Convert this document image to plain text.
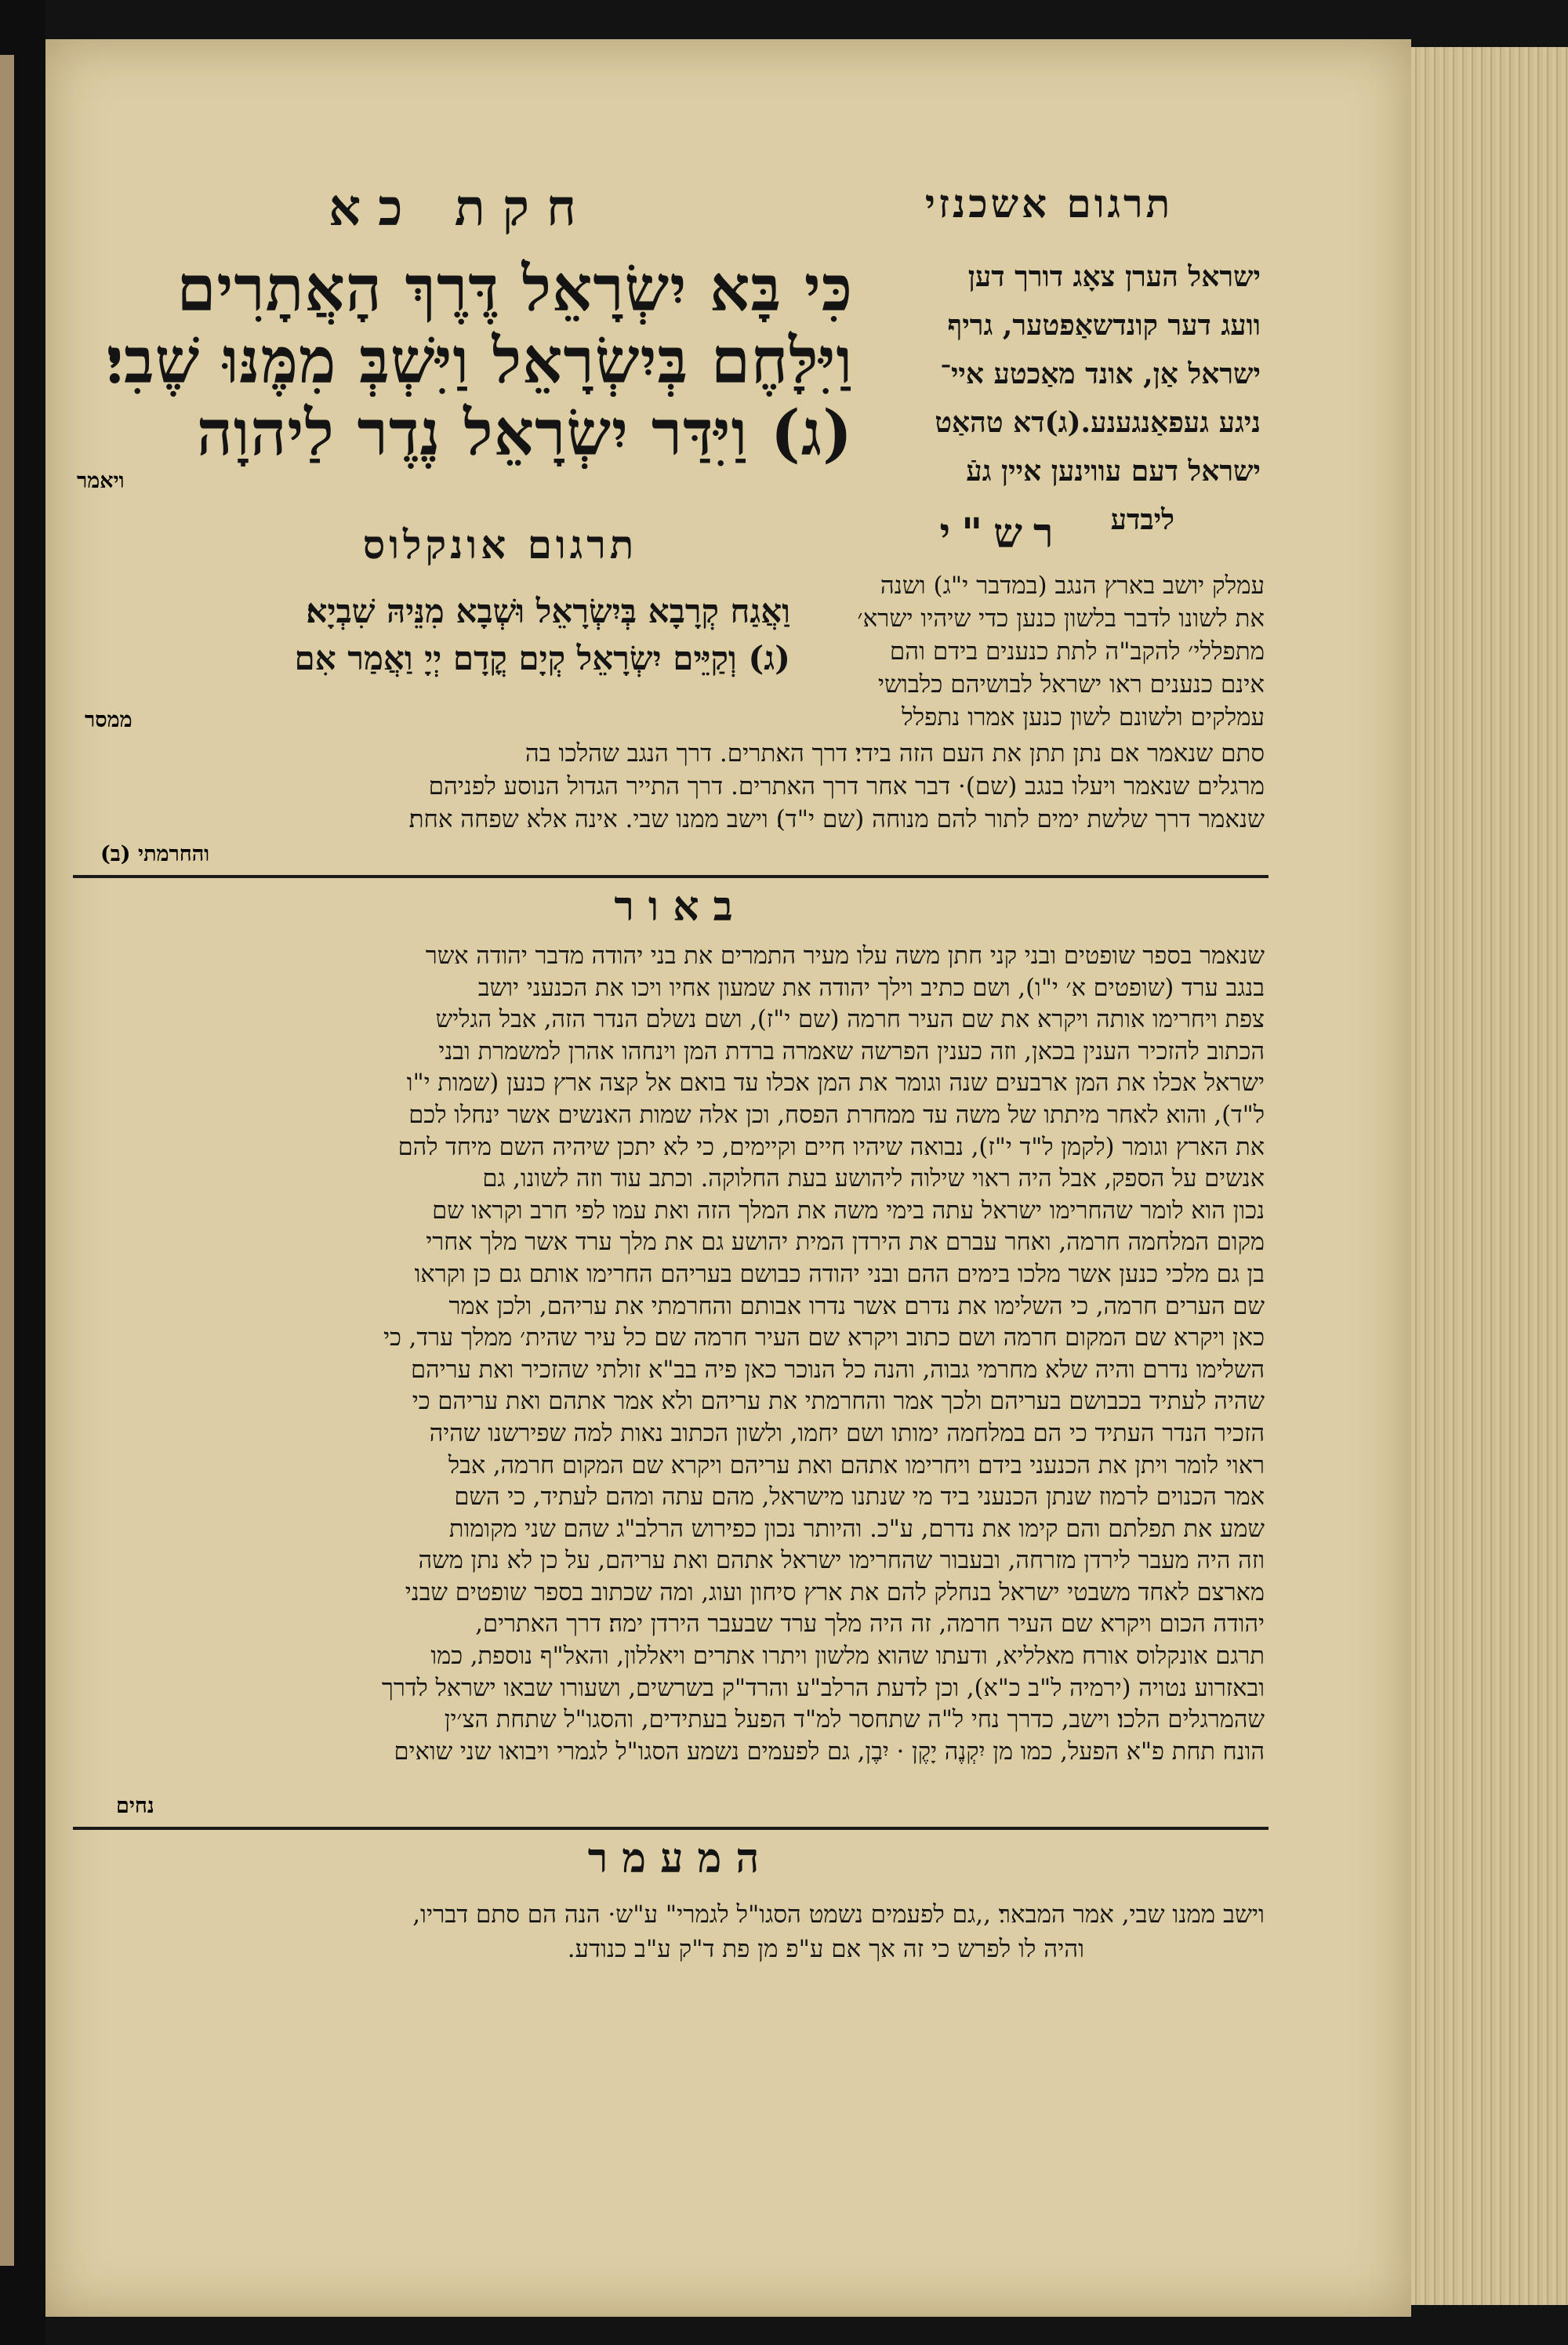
חקת כא	תרגום אשכנזי
כִּי בָּא יִשְׂרָאֵל דֶּרֶךְ הָאֲתָרִים
וַיִּלָּחֶם בְּיִשְׂרָאֵל וַיִּשְׁבְּ מִמֶּנּוּ שֶׁבִי׃
(ג) וַיִּדַּר יִשְׂרָאֵל נֶדֶר לַיהוָה
ויאמר
ישראל הערן צאָג דורך דען
וועג דער קונדשאַפטער, גריף
ישראל אַן, אונד מאַכטע איי־
ניגע געפאַנגענע.(ג)דא טהאַט
ישראל דעם עווינען איין געֿ
ליבדע
תרגום אונקלוס
וַאֲגַח קְרָבָא בְּיִשְׂרָאֵל וּשְׁבָא מִנֵּיהּ שִׁבְיָא׃
(ג) וְקַיֵּים יִשְׂרָאֵל קְיָם קֳדָם יְיָ וַאֲמַר אִם
ממסר
רש"י
עמלק יושב בארץ הנגב (במדבר י"ג) ושנה
את לשונו לדבר בלשון כנען כדי שיהיו ישרא׳
מתפללי׳ להקב"ה לתת כנענים בידם והם
אינם כנענים ראו ישראל לבושיהם כלבושי
עמלקים ולשונם לשון כנען אמרו נתפלל
סתם שנאמר אם נתן תתן את העם הזה בידי׃ דרך האתרים. דרך הנגב שהלכו בה
מרגלים שנאמר ויעלו בנגב (שם)· דבר אחר דרך האתרים. דרך התייר הגדול הנוסע לפניהם
שנאמר דרך שלשת ימים לתור להם מנוחה (שם י"ד)׃ וישב ממנו שבי. אינה אלא שפחה אחת׃
(ב) והחרמתי
באור
שנאמר בספר שופטים ובני קני חתן משה עלו מעיר התמרים את בני יהודה מדבר יהודה אשר
בנגב ערד (שופטים א׳ י"ו), ושם כתיב וילך יהודה את שמעון אחיו ויכו את הכנעני יושב
צפת ויחרימו אותה ויקרא את שם העיר חרמה (שם י"ז), ושם נשלם הנדר הזה, אבל הגליש
הכתוב להזכיר הענין בכאן, וזה כענין הפרשה שאמרה ברדת המן וינחהו אהרן למשמרת ובני
ישראל אכלו את המן ארבעים שנה וגומר את המן אכלו עד בואם אל קצה ארץ כנען (שמות י"ו
ל"ד), והוא לאחר מיתתו של משה עד ממחרת הפסח, וכן אלה שמות האנשים אשר ינחלו לכם
את הארץ וגומר (לקמן ל"ד י"ז), נבואה שיהיו חיים וקיימים, כי לא יתכן שיהיה השם מיחד להם
אנשים על הספק, אבל היה ראוי שילוה ליהושע בעת החלוקה. וכתב עוד וזה לשונו, גם
נכון הוא לומר שהחרימו ישראל עתה בימי משה את המלך הזה ואת עמו לפי חרב וקראו שם
מקום המלחמה חרמה, ואחר עברם את הירדן המית יהושע גם את מלך ערד אשר מלך אחרי
בן גם מלכי כנען אשר מלכו בימים ההם ובני יהודה כבושם בעריהם החרימו אותם גם כן וקראו
שם הערים חרמה, כי השלימו את נדרם אשר נדרו אבותם והחרמתי את עריהם, ולכן אמר
כאן ויקרא שם המקום חרמה ושם כתוב ויקרא שם העיר חרמה שם כל עיר שהית׳ ממלך ערד, כי
השלימו נדרם והיה שלא מחרמי גבוה, והנה כל הנוכר כאן פיה בב"א זולתי שהזכיר ואת עריהם
שהיה לעתיד בכבושם בעריהם ולכך אמר והחרמתי את עריהם ולא אמר אתהם ואת עריהם כי
הזכיר הנדר העתיד כי הם במלחמה ימותו ושם יחמו, ולשון הכתוב נאות למה שפירשנו שהיה
ראוי לומר ויתן את הכנעני בידם ויחרימו אתהם ואת עריהם ויקרא שם המקום חרמה, אבל
אמר הכנוים לרמוז שנתן הכנעני ביד מי שנתנו מישראל, מהם עתה ומהם לעתיד, כי השם
שמע את תפלתם והם קימו את נדרם, ע"כ. והיותר נכון כפירוש הרלב"ג שהם שני מקומות
וזה היה מעבר לירדן מזרחה, ובעבור שהחרימו ישראל אתהם ואת עריהם, על כן לא נתן משה
מארצם לאחד משבטי ישראל בנחלק להם את ארץ סיחון ועוג, ומה שכתוב בספר שופטים שבני
יהודה הכום ויקרא שם העיר חרמה, זה היה מלך ערד שבעבר הירדן ימה׃ דרך האתרים,
תרגם אונקלוס אורח מאלליא, ודעתו שהוא מלשון ויתרו אתרים ויאללון, והאל"ף נוספת, כמו
ובאזרוע נטויה (ירמיה ל"ב כ"א), וכן לדעת הרלב"ע והרד"ק בשרשים, ושעורו שבאו ישראל לדרך
שהמרגלים הלכו׃ וישב, כדרך נחי ל"ה שתחסר למ"ד הפעל בעתידים, והסגו"ל שתחת הצ׳ין
הונח תחת פ"א הפעל, כמו מן יִקְנֶה יָקֶן · יִבֶן, גם לפעמים נשמע הסגו"ל לגמרי ויבואו שני שואים
נחים
המעמר
וישב ממנו שבי, אמר המבאר׃ ,,גם לפעמים נשמט הסגו"ל לגמרי" ע"ש· הנה הם סתם דבריו,
והיה לו לפרש כי זה אך אם ע"פ מן פת ד"ק ע"ב כנודע.
